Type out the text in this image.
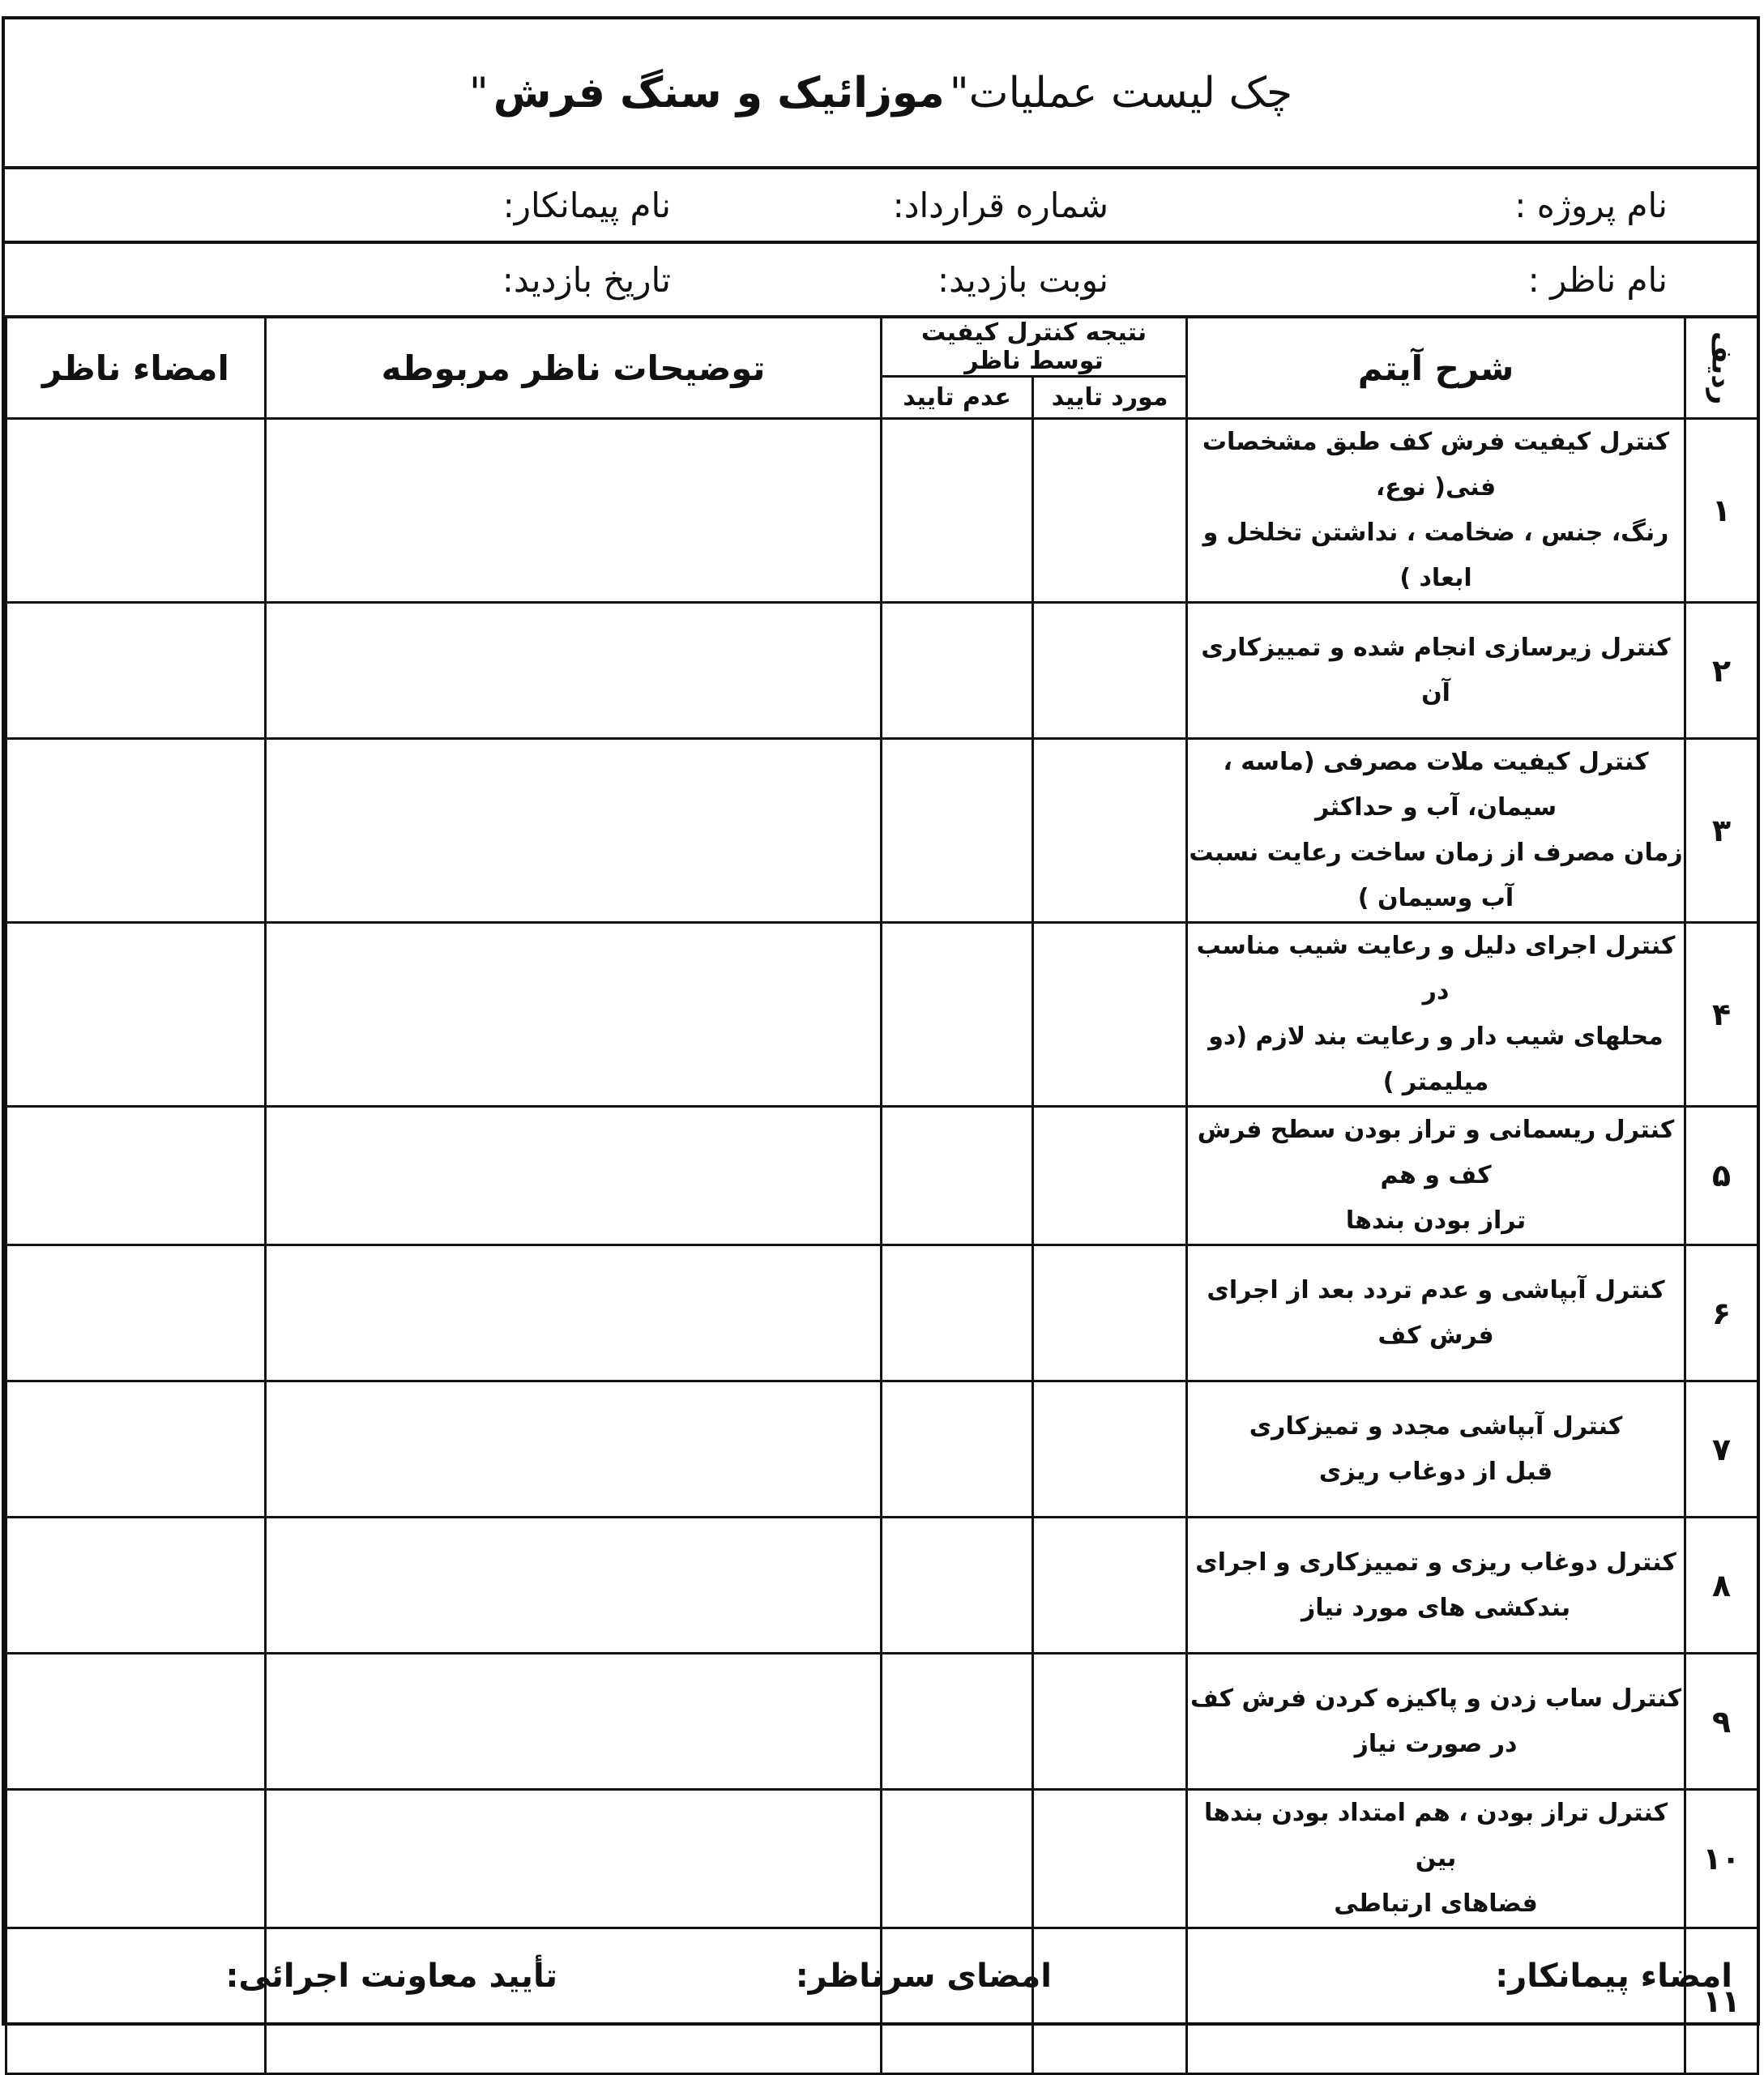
چک لیست عملیات
"
موزائیک و سنگ فرش
"
نام پروژه :
شماره قرارداد:
نام پیمانکار:
نام ناظر :
نوبت بازدید:
تاریخ بازدید:
ردیف	شرح آیتم	نتیجه کنترل کیفیت توسط ناظر		توضیحات ناظر مربوطه	امضاء ناظر
		مورد تایید	عدم تایید		
۱	کنترل کیفیت فرش کف طبق مشخصات فنی( نوع،
رنگ، جنس ، ضخامت ، نداشتن تخلخل و ابعاد )				

۲	کنترل زیرسازی انجام شده و تمییزکاری آن				

۳	کنترل کیفیت ملات مصرفی (ماسه ، سیمان، آب و حداکثر
زمان مصرف از زمان ساخت رعایت نسبت آب وسیمان )				

۴	کنترل اجرای دلیل و رعایت شیب مناسب در
محلهای شیب دار و رعایت بند لازم (دو میلیمتر )				

۵	کنترل ریسمانی و تراز بودن سطح فرش کف و هم
تراز بودن بندها				

۶	کنترل آبپاشی و عدم تردد بعد از اجرای فرش کف				

۷	کنترل آبپاشی مجدد و تمیزکاری
قبل از دوغاب ریزی				

۸	کنترل دوغاب ریزی و تمییزکاری و اجرای
بندکشی های مورد نیاز				

۹	کنترل ساب زدن و پاکیزه کردن فرش کف
در صورت نیاز				

۱۰	کنترل تراز بودن ، هم امتداد بودن بندها بین
فضاهای ارتباطی				

۱۱	

امضاء پیمانکار:
امضای سرناظر:
تأیید معاونت اجرائی:
